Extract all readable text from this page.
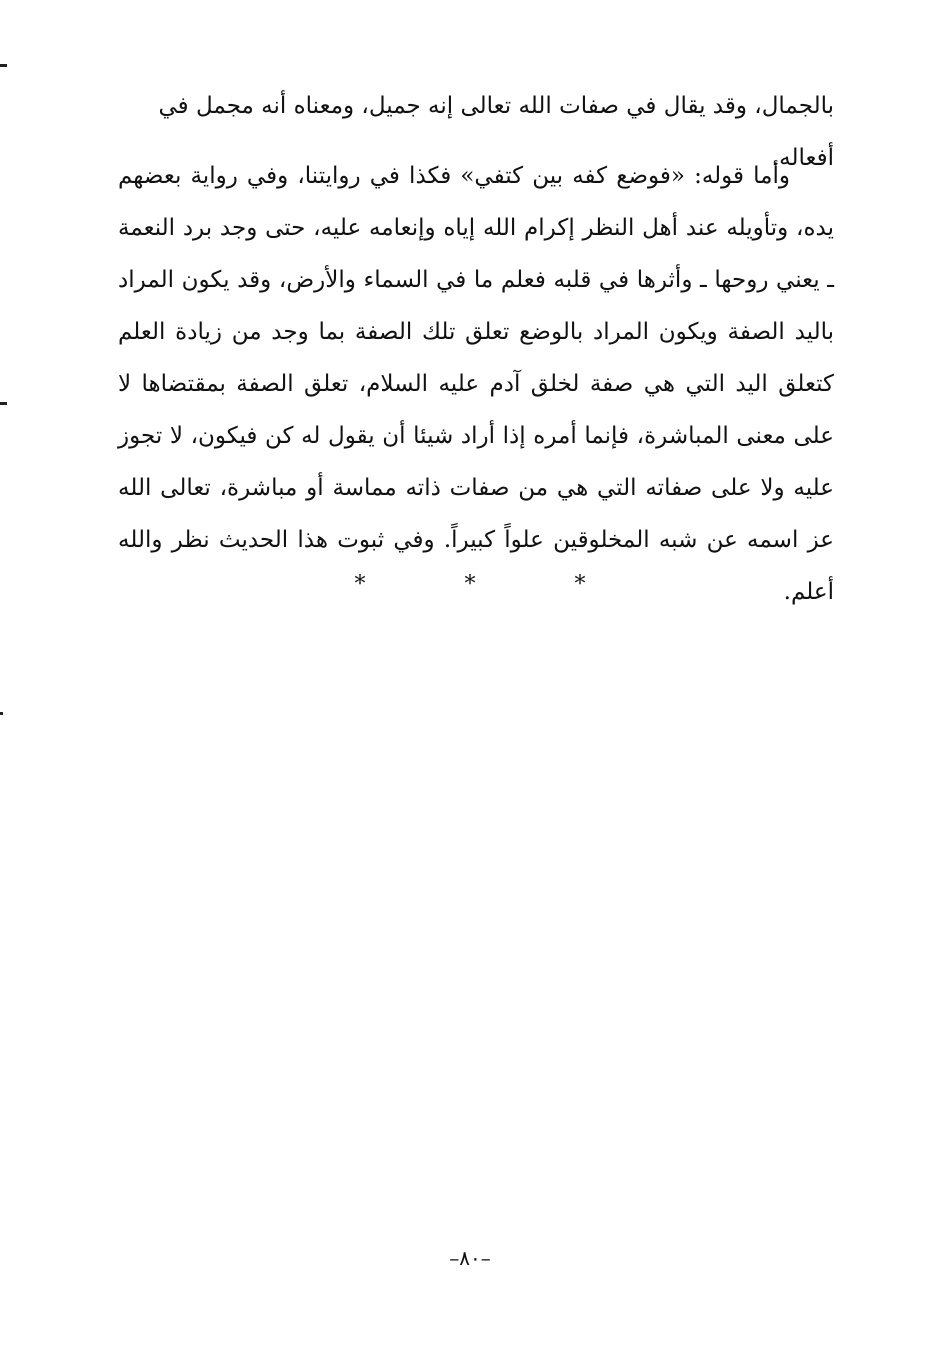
بالجمال، وقد يقال في صفات الله تعالى إنه جميل، ومعناه أنه مجمل في أفعاله.

وأما قوله: «فوضع كفه بين كتفي» فكذا في روايتنا، وفي رواية بعضهم يده، وتأويله عند أهل النظر إكرام الله إياه وإنعامه عليه، حتى وجد برد النعمة ـ يعني روحها ـ وأثرها في قلبه فعلم ما في السماء والأرض، وقد يكون المراد باليد الصفة ويكون المراد بالوضع تعلق تلك الصفة بما وجد من زيادة العلم كتعلق اليد التي هي صفة لخلق آدم عليه السلام، تعلق الصفة بمقتضاها لا على معنى المباشرة، فإنما أمره إذا أراد شيئا أن يقول له كن فيكون، لا تجوز عليه ولا على صفاته التي هي من صفات ذاته مماسة أو مباشرة، تعالى الله عز اسمه عن شبه المخلوقين علواً كبيراً. وفي ثبوت هذا الحديث نظر والله أعلم.

* * *
–٨٠–
